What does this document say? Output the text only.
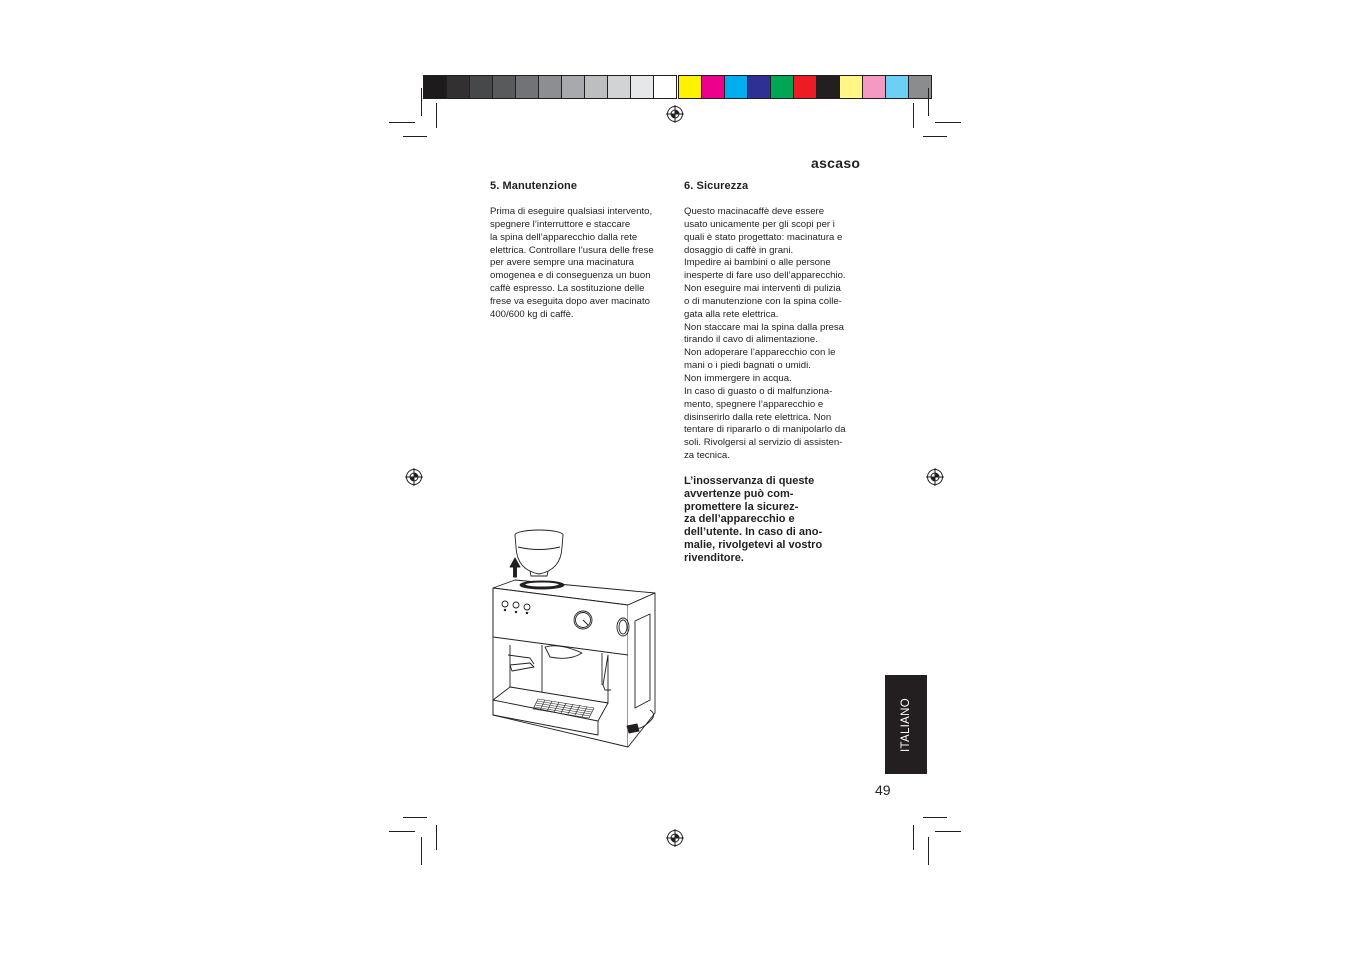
ascaso
5. Manutenzione
Prima di eseguire qualsiasi intervento,
spegnere l’interruttore e staccare
la spina dell’apparecchio dalla rete
elettrica. Controllare l’usura delle frese
per avere sempre una macinatura
omogenea e di conseguenza un buon
caffè espresso. La sostituzione delle
frese va eseguita dopo aver macinato
400/600 kg di caffè.
6. Sicurezza
Questo macinacaffè deve essere
usato unicamente per gli scopi per i
quali è stato progettato: macinatura e
dosaggio di caffè in grani.
Impedire ai bambini o alle persone
inesperte di fare uso dell’apparecchio.
Non eseguire mai interventi di pulizia
o di manutenzione con la spina colle-
gata alla rete elettrica.
Non staccare mai la spina dalla presa
tirando il cavo di alimentazione.
Non adoperare l’apparecchio con le
mani o i piedi bagnati o umidi.
Non immergere in acqua.
In caso di guasto o di malfunziona-
mento, spegnere l’apparecchio e
disinserirlo dalla rete elettrica. Non
tentare di ripararlo o di manipolarlo da
soli. Rivolgersi al servizio di assisten-
za tecnica.
L’inosservanza di queste
avvertenze può com-
promettere la sicurez-
za dell’apparecchio e
dell’utente. In caso di ano-
malie, rivolgetevi al vostro
rivenditore.
ITALIANO
49
